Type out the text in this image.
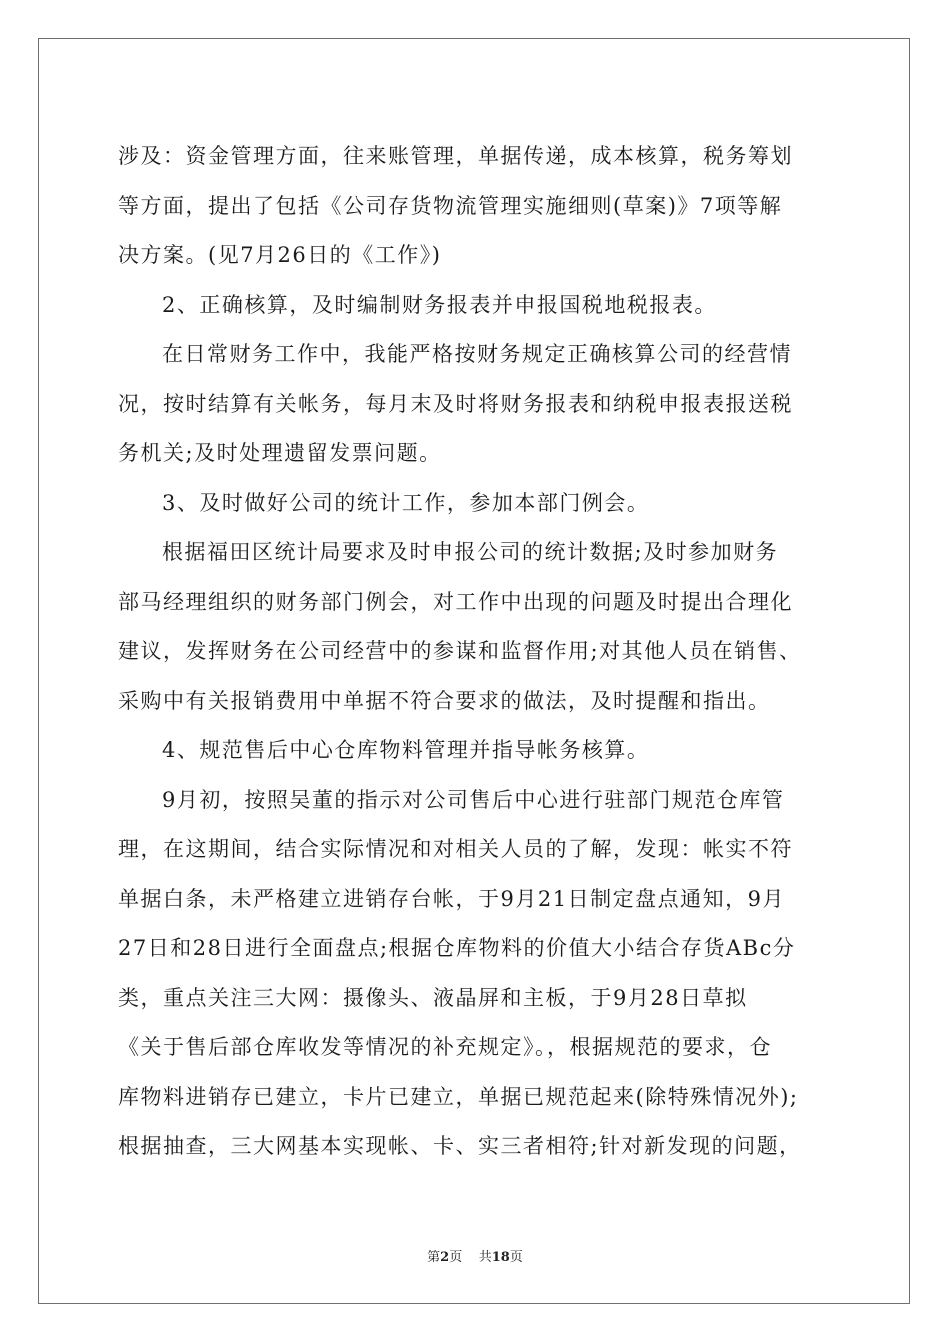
涉及：资金管理方面，往来账管理，单据传递，成本核算，税务筹划
等方面，提出了包括《公司存货物流管理实施细则(草案)》7项等解
决方案。(见7月26日的《工作》)
2、正确核算，及时编制财务报表并申报国税地税报表。
在日常财务工作中，我能严格按财务规定正确核算公司的经营情
况，按时结算有关帐务，每月末及时将财务报表和纳税申报表报送税
务机关;及时处理遗留发票问题。
3、及时做好公司的统计工作，参加本部门例会。
根据福田区统计局要求及时申报公司的统计数据;及时参加财务
部马经理组织的财务部门例会，对工作中出现的问题及时提出合理化
建议，发挥财务在公司经营中的参谋和监督作用;对其他人员在销售、
采购中有关报销费用中单据不符合要求的做法，及时提醒和指出。
4、规范售后中心仓库物料管理并指导帐务核算。
9月初，按照吴董的指示对公司售后中心进行驻部门规范仓库管
理，在这期间，结合实际情况和对相关人员的了解，发现：帐实不符
单据白条，未严格建立进销存台帐，于9月21日制定盘点通知，9月
27日和28日进行全面盘点;根据仓库物料的价值大小结合存货ABc分
类，重点关注三大网：摄像头、液晶屏和主板，于9月28日草拟
《关于售后部仓库收发等情况的补充规定》。，根据规范的要求，仓
库物料进销存已建立，卡片已建立，单据已规范起来(除特殊情况外);
根据抽查，三大网基本实现帐、卡、实三者相符;针对新发现的问题，
第2页 共18页
